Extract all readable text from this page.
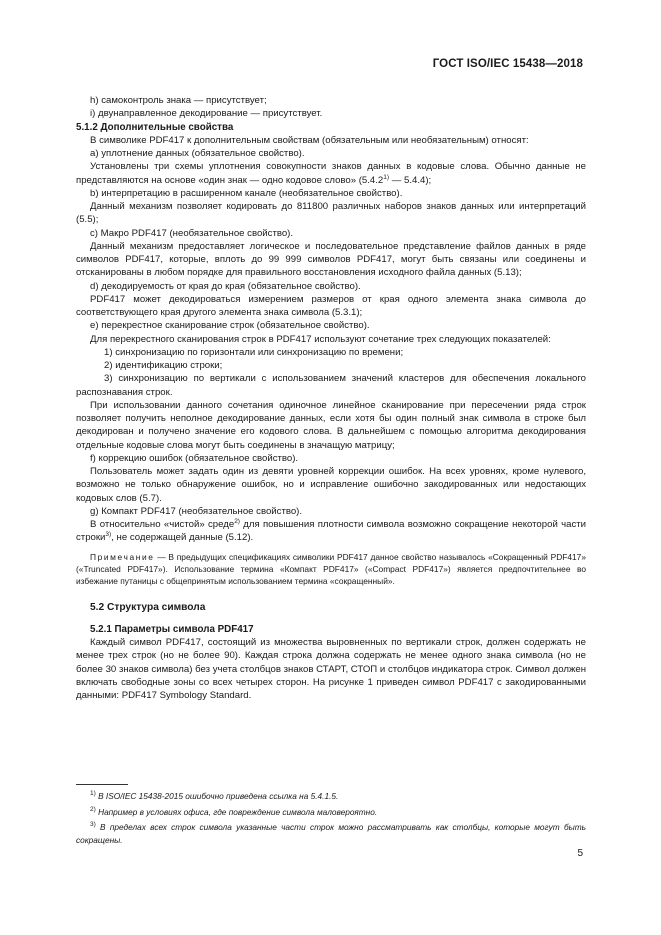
ГОСТ ISO/IEC 15438—2018

h) самоконтроль знака — присутствует;

i) двунаправленное декодирование — присутствует.

5.1.2 Дополнительные свойства

В символике PDF417 к дополнительным свойствам (обязательным или необязательным) относят:

a) уплотнение данных (обязательное свойство).

Установлены три схемы уплотнения совокупности знаков данных в кодовые слова. Обычно данные не представляются на основе «один знак — одно кодовое слово» (5.4.2$^{1)}$ — 5.4.4);

b) интерпретацию в расширенном канале (необязательное свойство).

Данный механизм позволяет кодировать до 811800 различных наборов знаков данных или интерпретаций (5.5);

c) Макро PDF417 (необязательное свойство).

Данный механизм предоставляет логическое и последовательное представление файлов данных в ряде символов PDF417, которые, вплоть до 99 999 символов PDF417, могут быть связаны или соединены и отсканированы в любом порядке для правильного восстановления исходного файла данных (5.13);

d) декодируемость от края до края (обязательное свойство).

PDF417 может декодироваться измерением размеров от края одного элемента знака символа до соответствующего края другого элемента знака символа (5.3.1);

e) перекрестное сканирование строк (обязательное свойство).

Для перекрестного сканирования строк в PDF417 используют сочетание трех следующих показателей:

1) синхронизацию по горизонтали или синхронизацию по времени;

2) идентификацию строки;

3) синхронизацию по вертикали с использованием значений кластеров для обеспечения локального распознавания строк.

При использовании данного сочетания одиночное линейное сканирование при пересечении ряда строк позволяет получить неполное декодирование данных, если хотя бы один полный знак символа в строке был декодирован и получено значение его кодового слова. В дальнейшем с помощью алгоритма декодирования отдельные кодовые слова могут быть соединены в значащую матрицу;

f) коррекцию ошибок (обязательное свойство).

Пользователь может задать один из девяти уровней коррекции ошибок. На всех уровнях, кроме нулевого, возможно не только обнаружение ошибок, но и исправление ошибочно закодированных или недостающих кодовых слов (5.7).

g) Компакт PDF417 (необязательное свойство).

В относительно «чистой» среде$^{2)}$ для повышения плотности символа возможно сокращение некоторой части строки$^{3)}$, не содержащей данные (5.12).

Примечание — В предыдущих спецификациях символики PDF417 данное свойство называлось «Сокращенный PDF417» («Truncated PDF417»). Использование термина «Компакт PDF417» («Compact PDF417») является предпочтительнее во избежание путаницы с общепринятым использованием термина «сокращенный».

5.2 Структура символа

5.2.1 Параметры символа PDF417

Каждый символ PDF417, состоящий из множества выровненных по вертикали строк, должен содержать не менее трех строк (но не более 90). Каждая строка должна содержать не менее одного знака символа (но не более 30 знаков символа) без учета столбцов знаков СТАРТ, СТОП и столбцов индикатора строк. Символ должен включать свободные зоны со всех четырех сторон. На рисунке 1 приведен символ PDF417 с закодированными данными: PDF417 Symbology Standard.

$^{1)}$ В ISO/IEC 15438-2015 ошибочно приведена ссылка на 5.4.1.5.

$^{2)}$ Например в условиях офиса, где повреждение символа маловероятно.

$^{3)}$ В пределах всех строк символа указанные части строк можно рассматривать как столбцы, которые могут быть сокращены.

5
